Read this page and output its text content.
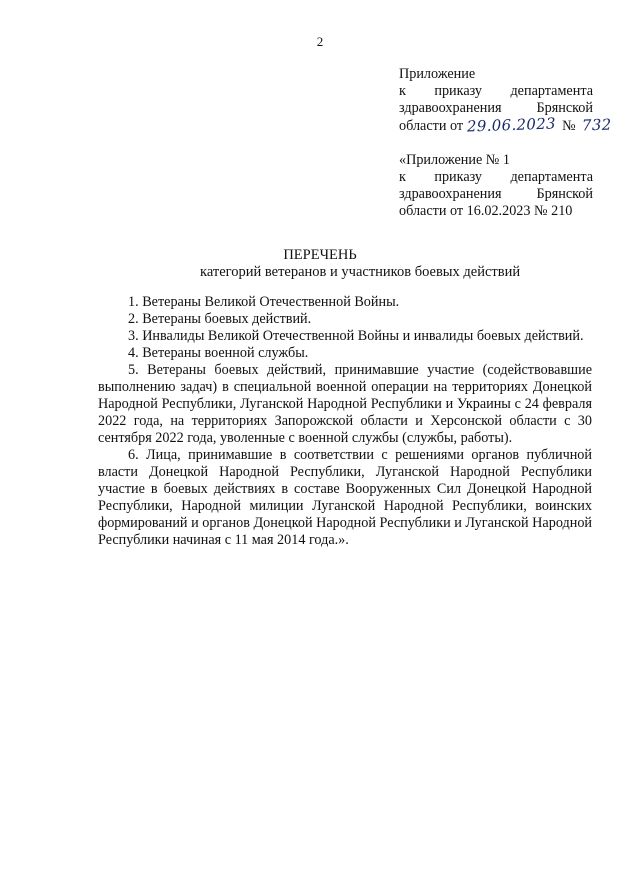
2
Приложение
к приказу департамента
здравоохранения Брянской
области от 29.06.2023 № 732
«Приложение № 1
к приказу департамента
здравоохранения Брянской
области от 16.02.2023 № 210
ПЕРЕЧЕНЬ
категорий ветеранов и участников боевых действий

1. Ветераны Великой Отечественной Войны.

2. Ветераны боевых действий.

3. Инвалиды Великой Отечественной Войны и инвалиды боевых действий.

4. Ветераны военной службы.

5. Ветераны боевых действий, принимавшие участие (содействовавшие выполнению задач) в специальной военной операции на территориях Донецкой Народной Республики, Луганской Народной Республики и Украины с 24 февраля 2022 года, на территориях Запорожской области и Херсонской области с 30 сентября 2022 года, уволенные с военной службы (службы, работы).

6. Лица, принимавшие в соответствии с решениями органов публичной власти Донецкой Народной Республики, Луганской Народной Республики участие в боевых действиях в составе Вооруженных Сил Донецкой Народной Республики, Народной милиции Луганской Народной Республики, воинских формирований и органов Донецкой Народной Республики и Луганской Народной Республики начиная с 11 мая 2014 года.».
